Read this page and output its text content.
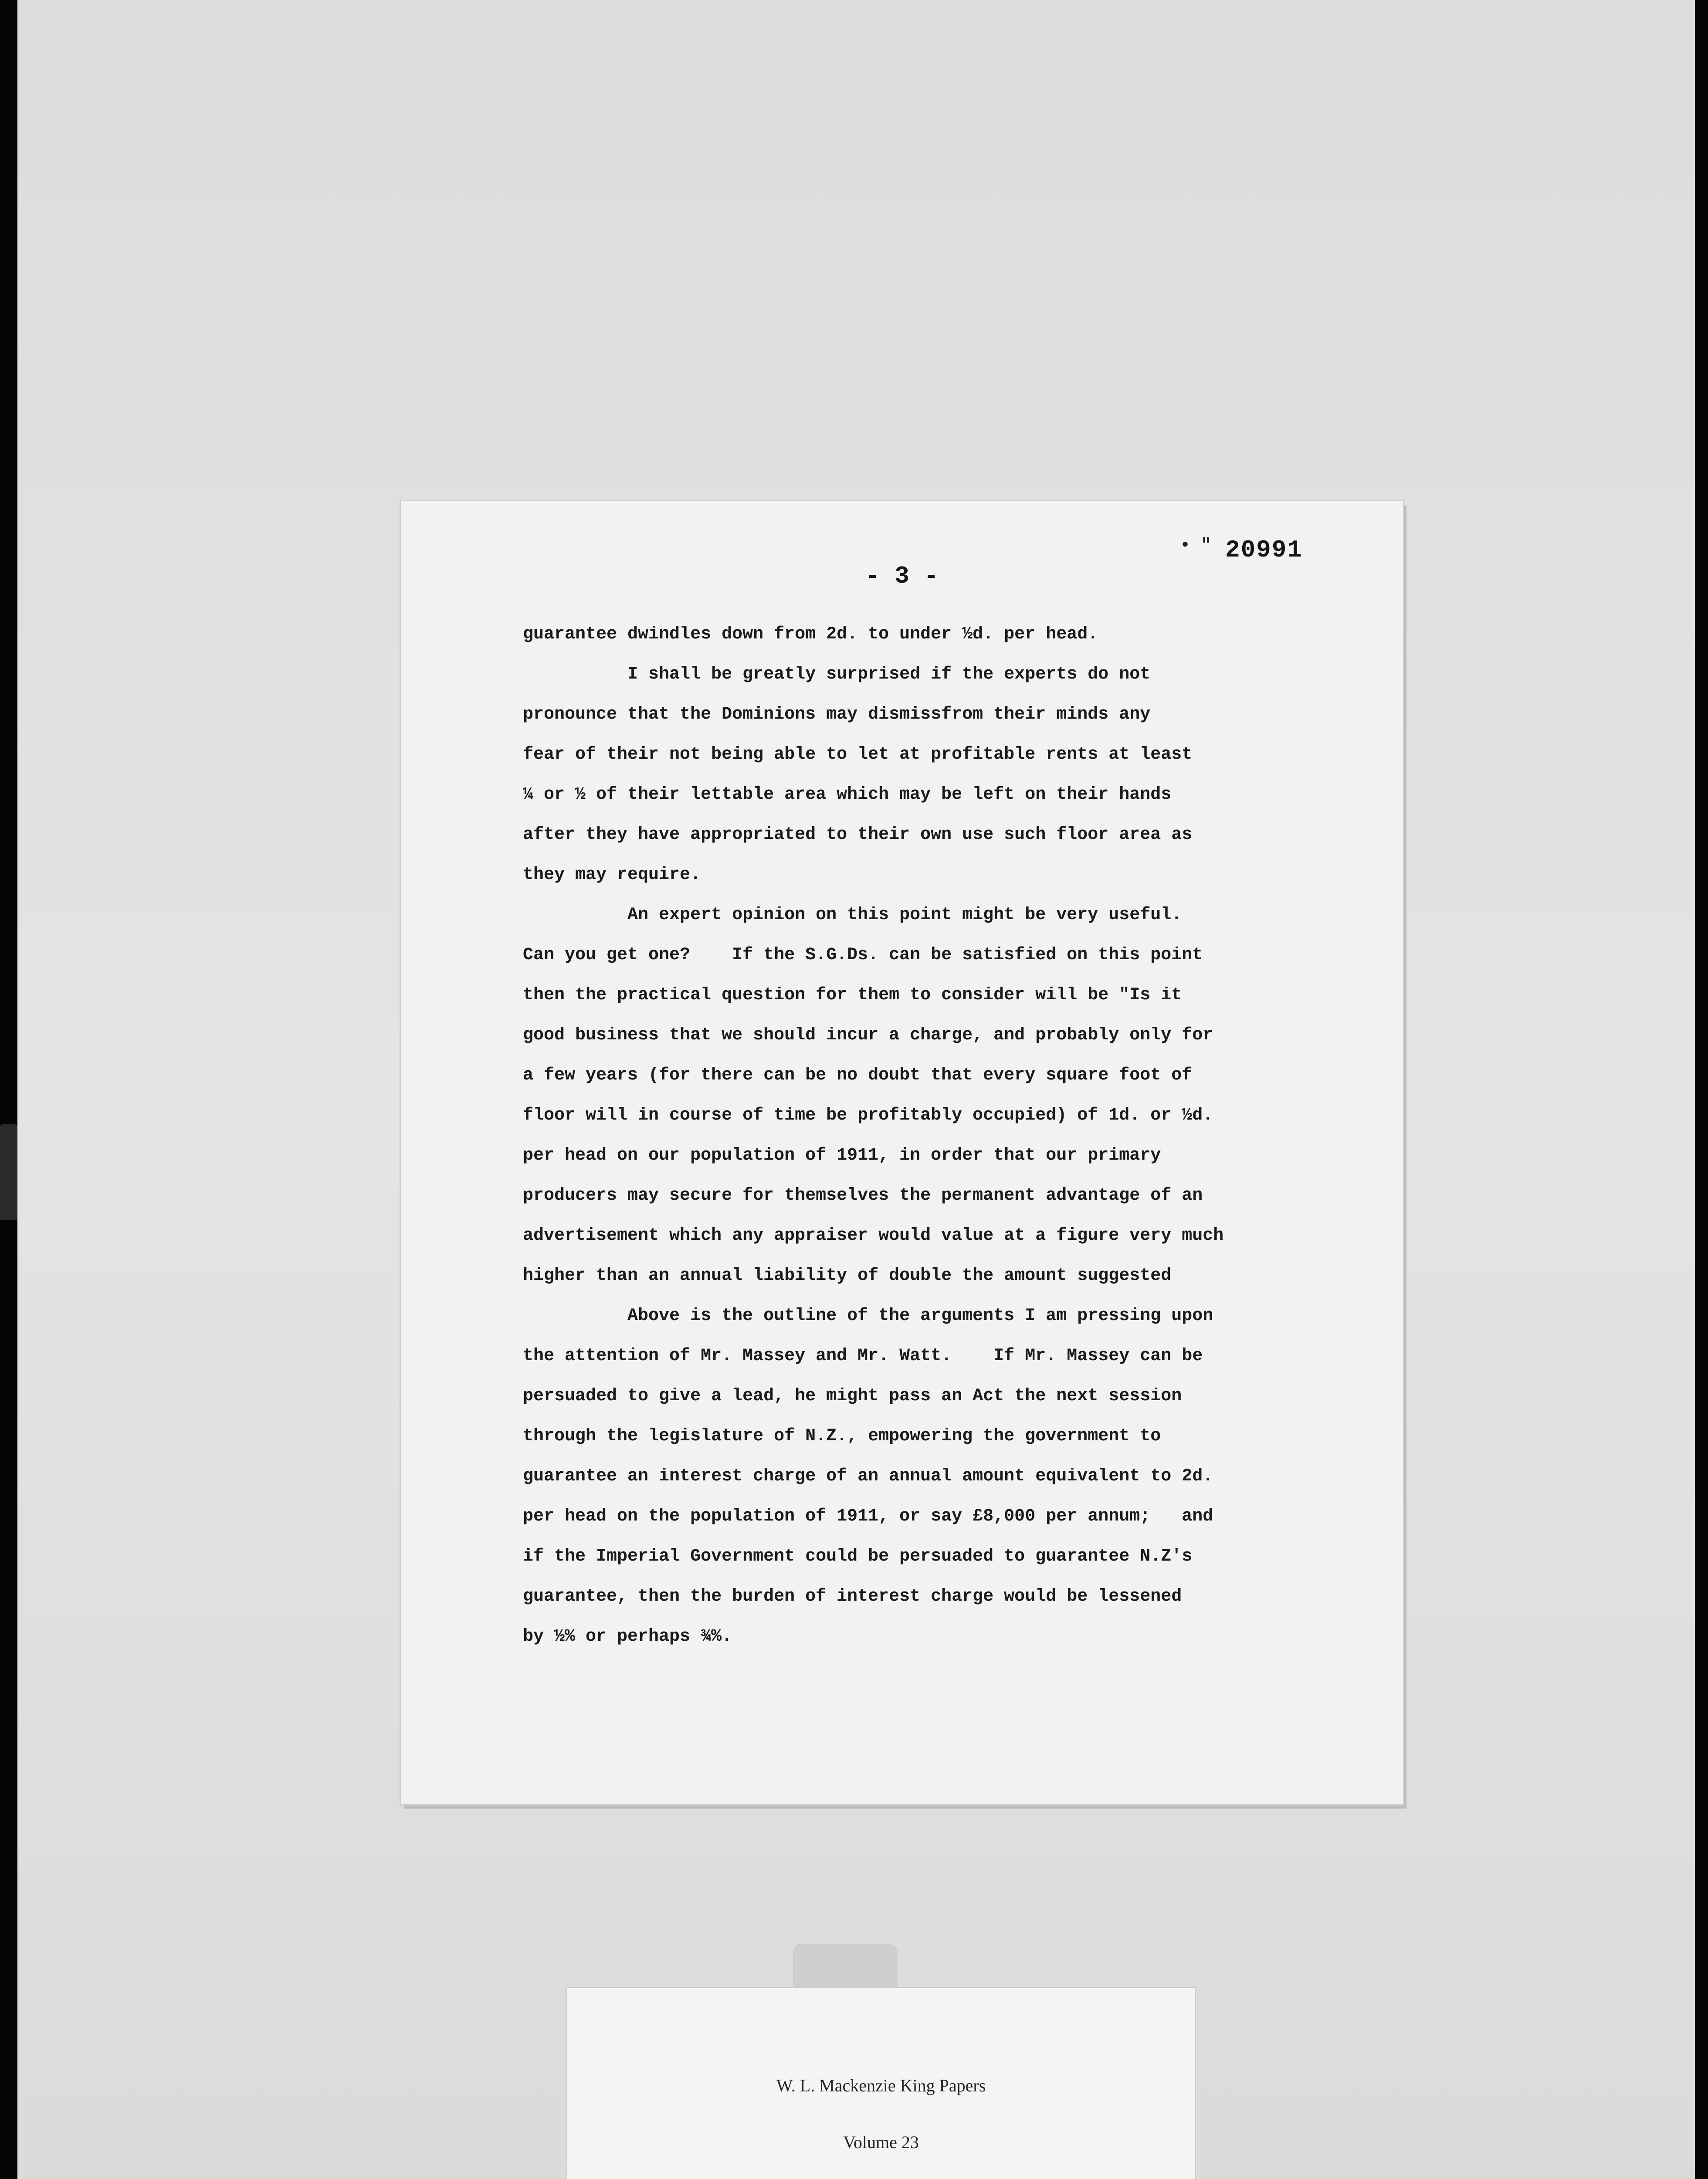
• " 20991
- 3 -

guarantee dwindles down from 2d. to under ½d. per head.

I shall be greatly surprised if the experts do not

pronounce that the Dominions may dismissfrom their minds any

fear of their not being able to let at profitable rents at least

¼ or ½ of their lettable area which may be left on their hands

after they have appropriated to their own use such floor area as

they may require.

An expert opinion on this point might be very useful.

Can you get one?    If the S.G.Ds. can be satisfied on this point

then the practical question for them to consider will be "Is it

good business that we should incur a charge, and probably only for

a few years (for there can be no doubt that every square foot of

floor will in course of time be profitably occupied) of 1d. or ½d.

per head on our population of 1911, in order that our primary

producers may secure for themselves the permanent advantage of an

advertisement which any appraiser would value at a figure very much

higher than an annual liability of double the amount suggested

Above is the outline of the arguments I am pressing upon

the attention of Mr. Massey and Mr. Watt.    If Mr. Massey can be

persuaded to give a lead, he might pass an Act the next session

through the legislature of N.Z., empowering the government to

guarantee an interest charge of an annual amount equivalent to 2d.

per head on the population of 1911, or say £8,000 per annum;   and

if the Imperial Government could be persuaded to guarantee N.Z's

guarantee, then the burden of interest charge would be lessened

by ½% or perhaps ¾%.

W. L. Mackenzie King Papers
Volume 23
